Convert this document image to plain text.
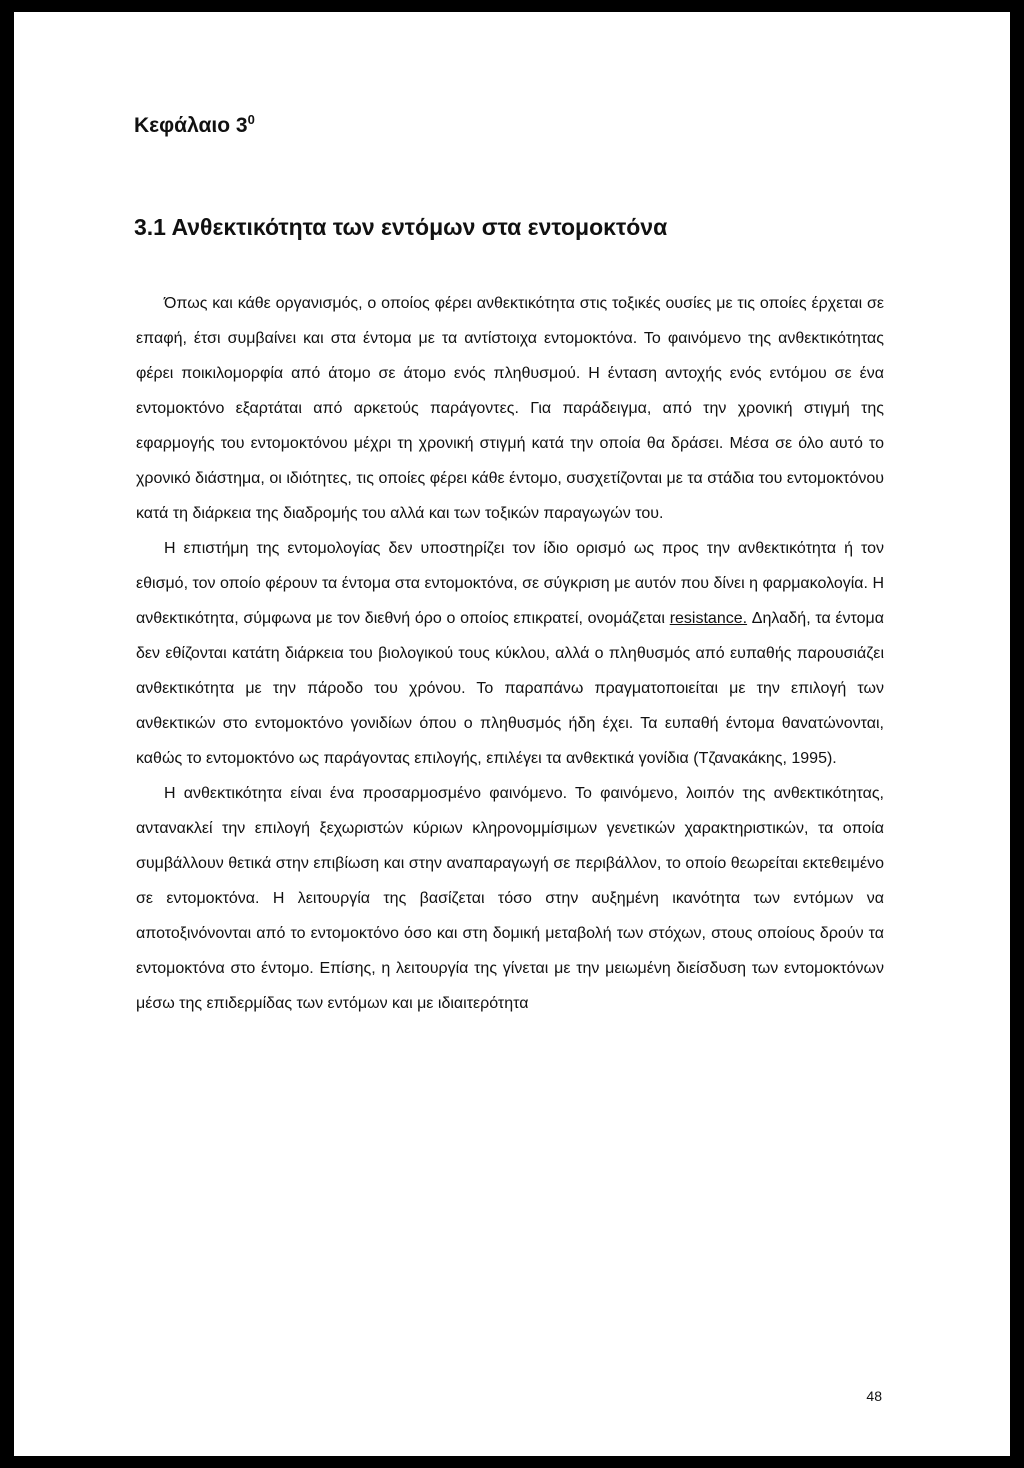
Κεφάλαιο $3^0$
3.1 Ανθεκτικότητα των εντόμων στα εντομοκτόνα

Όπως και κάθε οργανισμός, ο οποίος φέρει ανθεκτικότητα στις τοξικές ουσίες με τις οποίες έρχεται σε επαφή, έτσι συμβαίνει και στα έντομα με τα αντίστοιχα εντομοκτόνα. Το φαινόμενο της ανθεκτικότητας φέρει ποικιλομορφία από άτομο σε άτομο ενός πληθυσμού. Η ένταση αντοχής ενός εντόμου σε ένα εντομοκτόνο εξαρτάται από αρκετούς παράγοντες. Για παράδειγμα, από την χρονική στιγμή της εφαρμογής του εντομοκτόνου μέχρι τη χρονική στιγμή κατά την οποία θα δράσει. Μέσα σε όλο αυτό το χρονικό διάστημα, οι ιδιότητες, τις οποίες φέρει κάθε έντομο, συσχετίζονται με τα στάδια του εντομοκτόνου κατά τη διάρκεια της διαδρομής του αλλά και των τοξικών παραγωγών του.

Η επιστήμη της εντομολογίας δεν υποστηρίζει τον ίδιο ορισμό ως προς την ανθεκτικότητα ή τον εθισμό, τον οποίο φέρουν τα έντομα στα εντομοκτόνα, σε σύγκριση με αυτόν που δίνει η φαρμακολογία. Η ανθεκτικότητα, σύμφωνα με τον διεθνή όρο ο οποίος επικρατεί, ονομάζεται resistance. Δηλαδή, τα έντομα δεν εθίζονται κατάτη διάρκεια του βιολογικού τους κύκλου, αλλά ο πληθυσμός από ευπαθής παρουσιάζει ανθεκτικότητα με την πάροδο του χρόνου. Το παραπάνω πραγματοποιείται με την επιλογή των ανθεκτικών στο εντομοκτόνο γονιδίων όπου ο πληθυσμός ήδη έχει. Τα ευπαθή έντομα θανατώνονται, καθώς το εντομοκτόνο ως παράγοντας επιλογής, επιλέγει τα ανθεκτικά γονίδια (Τζανακάκης, 1995).

Η ανθεκτικότητα είναι ένα προσαρμοσμένο φαινόμενο. Το φαινόμενο, λοιπόν της ανθεκτικότητας, αντανακλεί την επιλογή ξεχωριστών κύριων κληρονομμίσιμων γενετικών χαρακτηριστικών, τα οποία συμβάλλουν θετικά στην επιβίωση και στην αναπαραγωγή σε περιβάλλον, το οποίο θεωρείται εκτεθειμένο σε εντομοκτόνα. Η λειτουργία της βασίζεται τόσο στην αυξημένη ικανότητα των εντόμων να αποτοξινόνονται από το εντομοκτόνο όσο και στη δομική μεταβολή των στόχων, στους οποίους δρούν τα εντομοκτόνα στο έντομο. Επίσης, η λειτουργία της γίνεται με την μειωμένη διείσδυση των εντομοκτόνων μέσω της επιδερμίδας των εντόμων και με ιδιαιτερότητα

48
